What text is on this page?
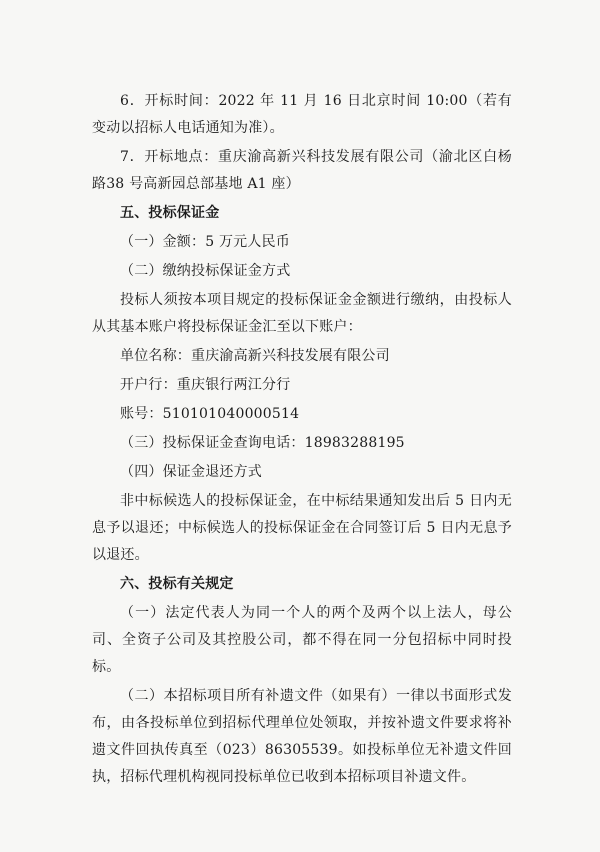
6．开标时间：2022 年 11 月 16 日北京时间 10:00（若有变动以招标人电话通知为准）。

7．开标地点：重庆渝高新兴科技发展有限公司（渝北区白杨路38 号高新园总部基地 A1 座）

五、投标保证金

（一）金额：5 万元人民币

（二）缴纳投标保证金方式

投标人须按本项目规定的投标保证金金额进行缴纳，由投标人从其基本账户将投标保证金汇至以下账户：

单位名称：重庆渝高新兴科技发展有限公司

开户行：重庆银行两江分行

账号：510101040000514

（三）投标保证金查询电话：18983288195

（四）保证金退还方式

非中标候选人的投标保证金，在中标结果通知发出后 5 日内无息予以退还；中标候选人的投标保证金在合同签订后 5 日内无息予以退还。

六、投标有关规定

（一）法定代表人为同一个人的两个及两个以上法人，母公司、全资子公司及其控股公司，都不得在同一分包招标中同时投标。

（二）本招标项目所有补遗文件（如果有）一律以书面形式发布，由各投标单位到招标代理单位处领取，并按补遗文件要求将补遗文件回执传真至（023）86305539。如投标单位无补遗文件回执，招标代理机构视同投标单位已收到本招标项目补遗文件。
